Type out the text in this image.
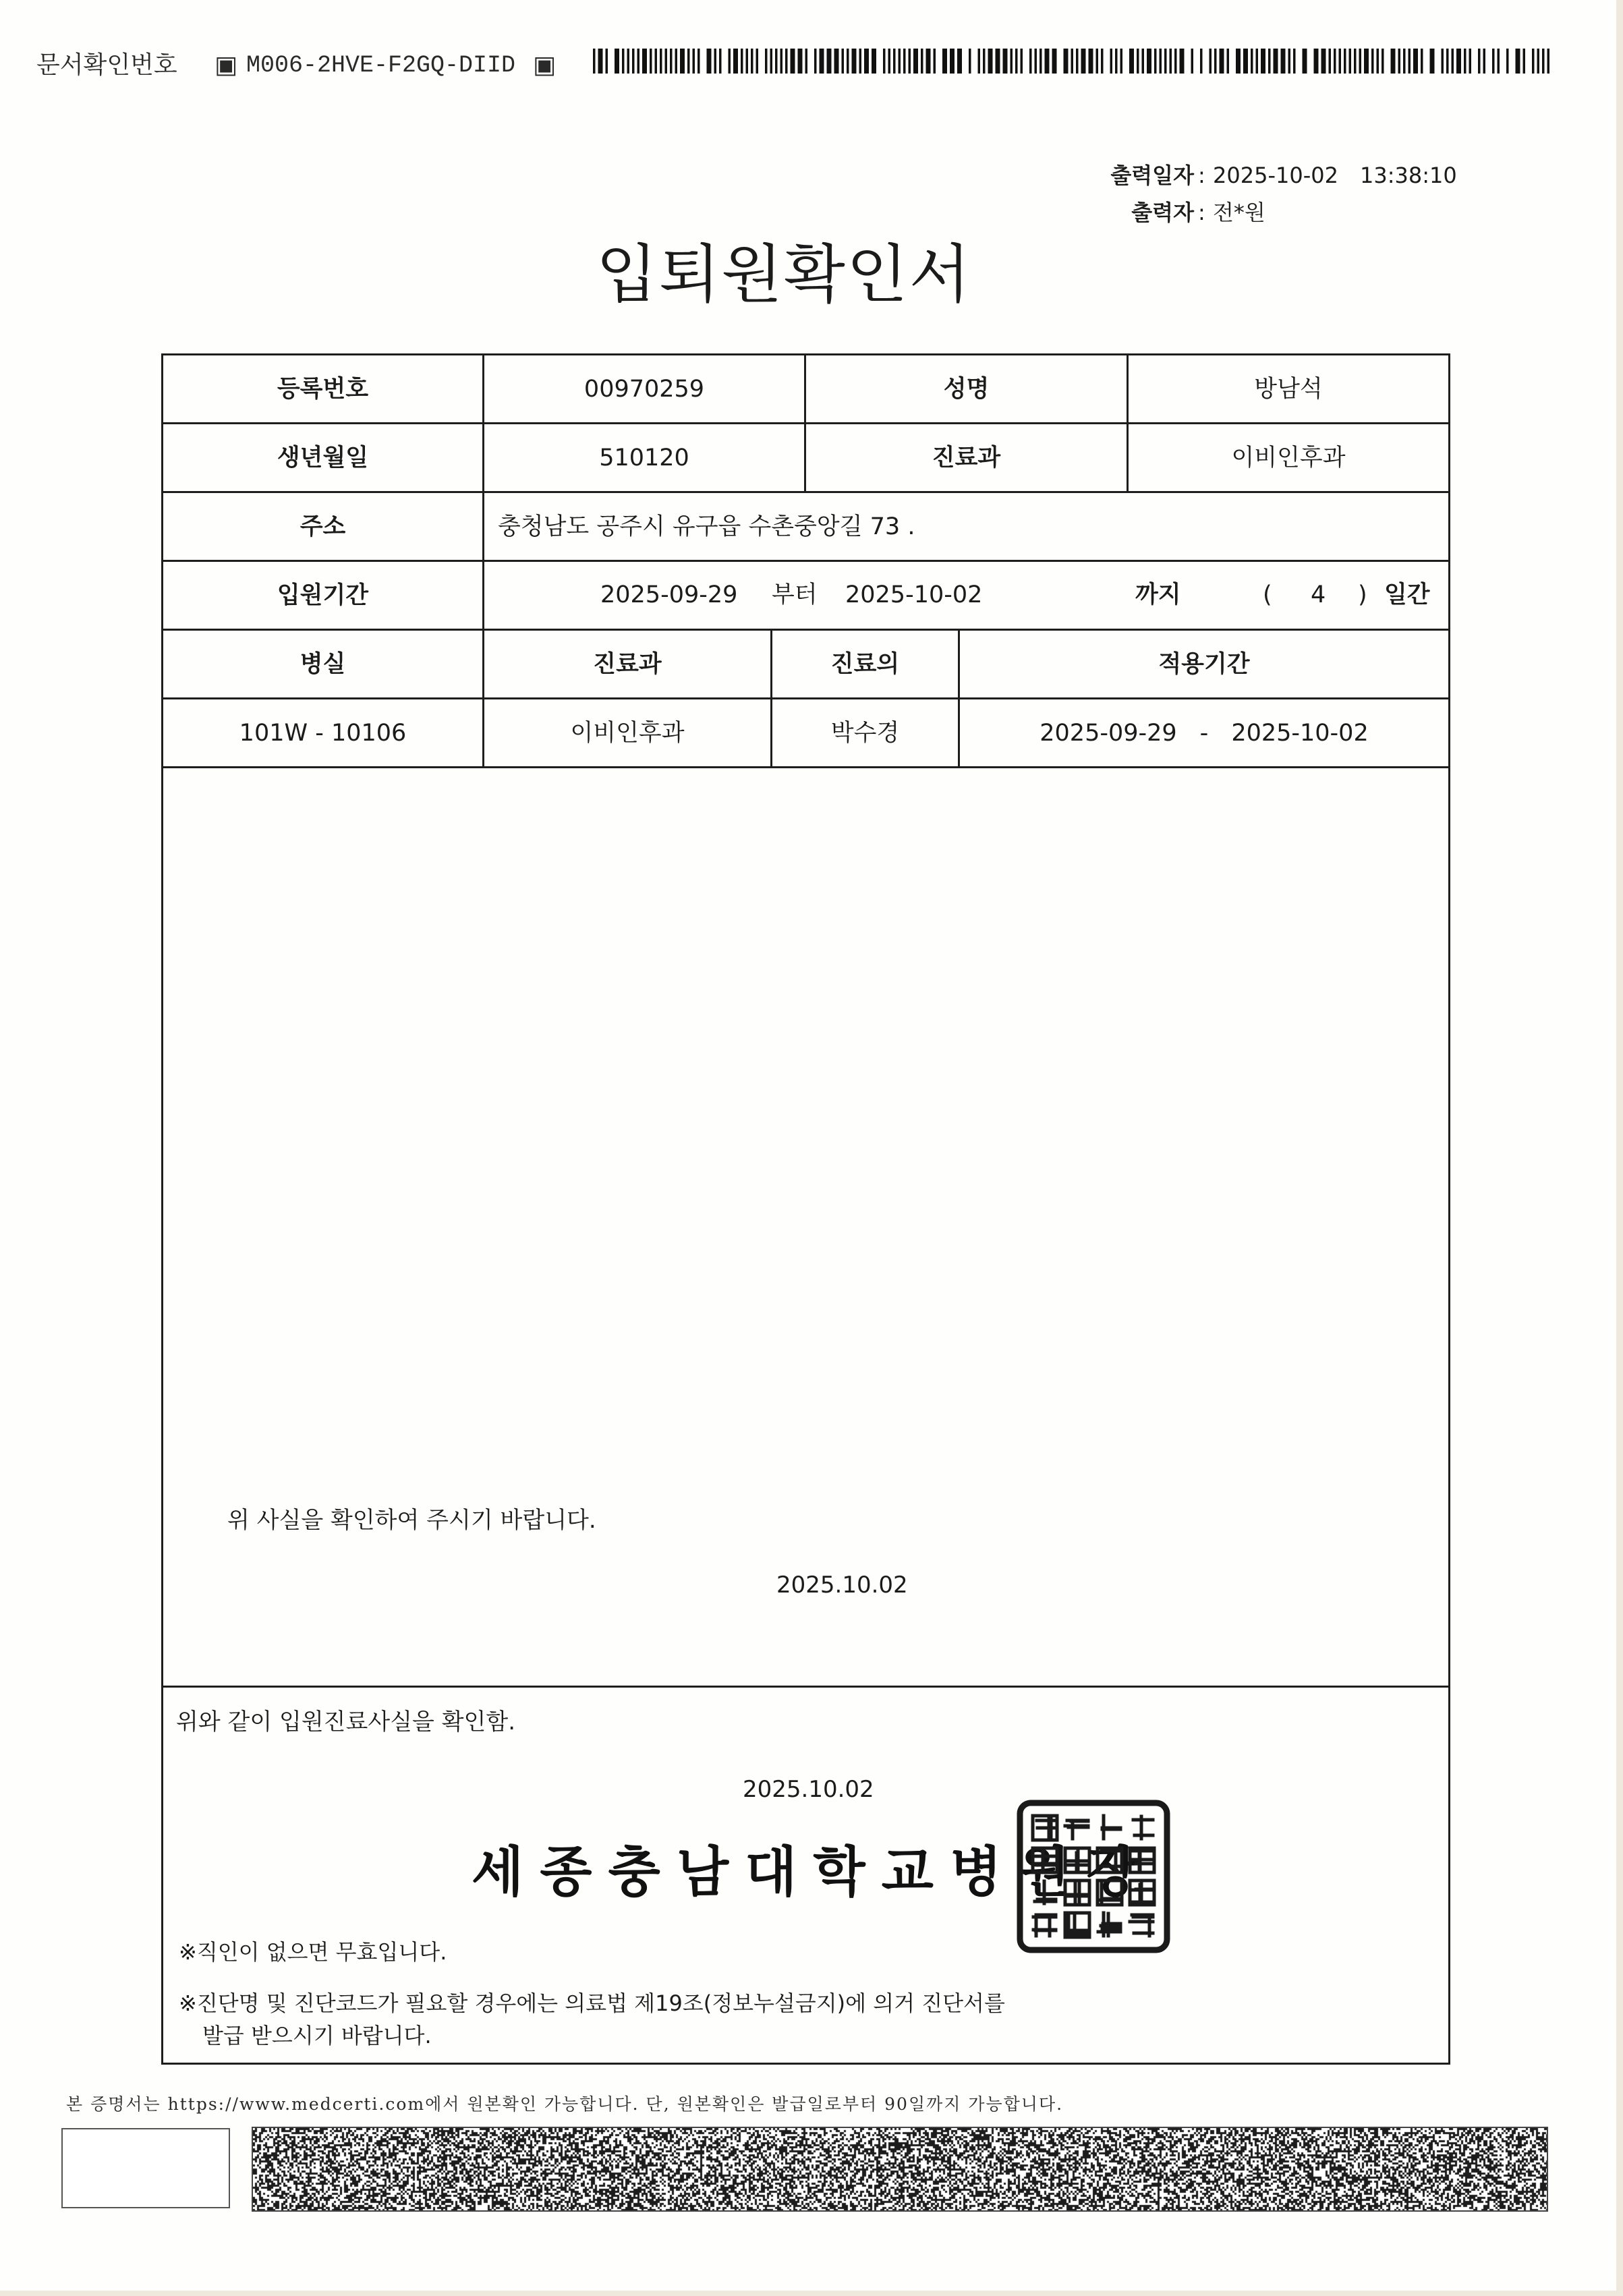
문서확인번호 ▣ M006-2HVE-F2GQ-DIID ▣
출력일자 : 2025-10-02 13:38:10
출력자 : 전*원
입퇴원확인서
등록번호	00970259	성명	방남석
생년월일	510120	진료과	이비인후과
주소	충청남도 공주시 유구읍 수촌중앙길 73 .
입원기간	2025-09-29 부터 2025-10-02	까지	( 4 ) 일간
병실	진료과	진료의	적용기간
101W - 10106	이비인후과	박수경	2025-09-29 - 2025-10-02
위 사실을 확인하여 주시기 바랍니다.
2025.10.02
위와 같이 입원진료사실을 확인함.
2025.10.02
세종충남대학교병원장
※직인이 없으면 무효입니다.
※진단명 및 진단코드가 필요할 경우에는 의료법 제19조(정보누설금지)에 의거 진단서를
발급 받으시기 바랍니다.
본 증명서는 https://www.medcerti.com에서 원본확인 가능합니다. 단, 원본확인은 발급일로부터 90일까지 가능합니다.
